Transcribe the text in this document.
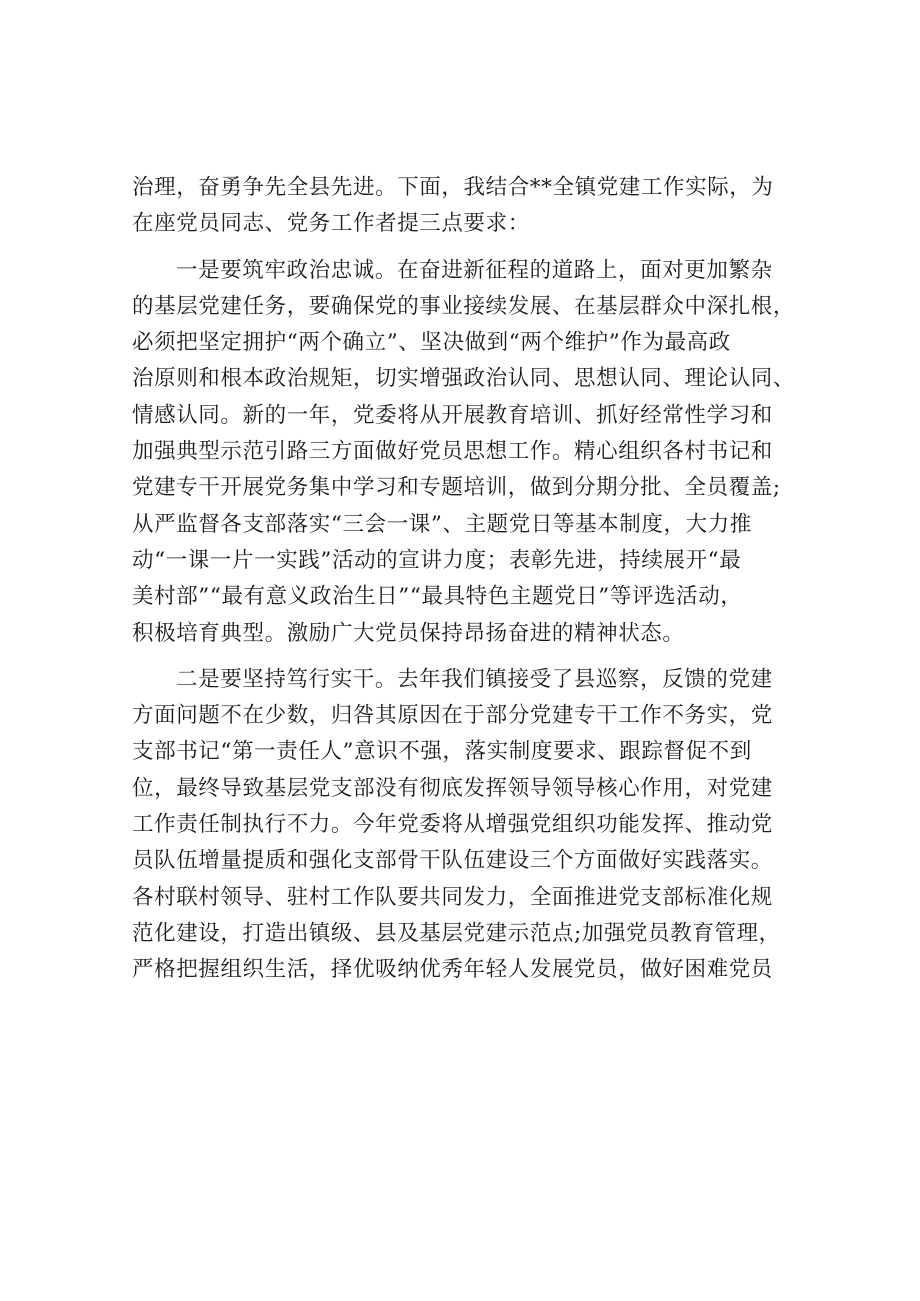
治理，奋勇争先全县先进。下面，我结合**全镇党建工作实际，为
在座党员同志、党务工作者提三点要求：
一是要筑牢政治忠诚。在奋进新征程的道路上，面对更加繁杂
的基层党建任务，要确保党的事业接续发展、在基层群众中深扎根，
必须把坚定拥护“两个确立”、坚决做到“两个维护”作为最高政
治原则和根本政治规矩，切实增强政治认同、思想认同、理论认同、
情感认同。新的一年，党委将从开展教育培训、抓好经常性学习和
加强典型示范引路三方面做好党员思想工作。精心组织各村书记和
党建专干开展党务集中学习和专题培训，做到分期分批、全员覆盖;
从严监督各支部落实“三会一课”、主题党日等基本制度，大力推
动“一课一片一实践”活动的宣讲力度；表彰先进，持续展开“最
美村部”“最有意义政治生日”“最具特色主题党日”等评选活动，
积极培育典型。激励广大党员保持昂扬奋进的精神状态。
二是要坚持笃行实干。去年我们镇接受了县巡察，反馈的党建
方面问题不在少数，归咎其原因在于部分党建专干工作不务实，党
支部书记“第一责任人”意识不强，落实制度要求、跟踪督促不到
位，最终导致基层党支部没有彻底发挥领导领导核心作用，对党建
工作责任制执行不力。今年党委将从增强党组织功能发挥、推动党
员队伍增量提质和强化支部骨干队伍建设三个方面做好实践落实。
各村联村领导、驻村工作队要共同发力，全面推进党支部标准化规
范化建设，打造出镇级、县及基层党建示范点;加强党员教育管理，
严格把握组织生活，择优吸纳优秀年轻人发展党员，做好困难党员
